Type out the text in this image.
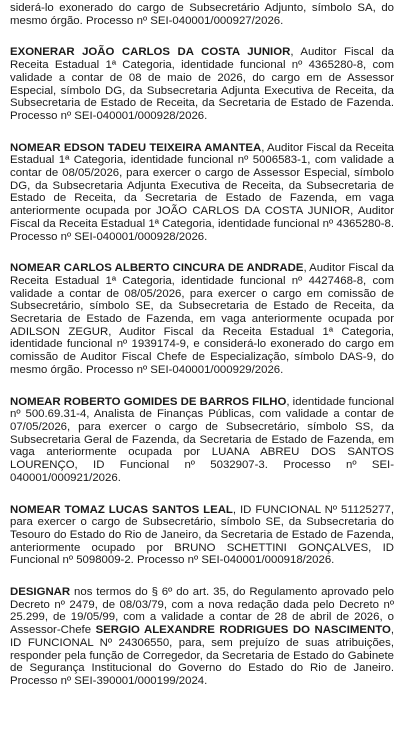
siderá-lo exonerado do cargo de Subsecretário Adjunto, símbolo SA, do mesmo órgão. Processo nº SEI-040001/000927/2026.

EXONERAR JOÃO CARLOS DA COSTA JUNIOR, Auditor Fiscal da Receita Estadual 1ª Categoria, identidade funcional nº 4365280-8, com validade a contar de 08 de maio de 2026, do cargo em de Assessor Especial, símbolo DG, da Subsecretaria Adjunta Executiva de Receita, da Subsecretaria de Estado de Receita, da Secretaria de Estado de Fazenda. Processo nº SEI-040001/000928/2026.

NOMEAR EDSON TADEU TEIXEIRA AMANTEA, Auditor Fiscal da Receita Estadual 1ª Categoria, identidade funcional nº 5006583-1, com validade a contar de 08/05/2026, para exercer o cargo de Assessor Especial, símbolo DG, da Subsecretaria Adjunta Executiva de Receita, da Subsecretaria de Estado de Receita, da Secretaria de Estado de Fazenda, em vaga anteriormente ocupada por JOÃO CARLOS DA COSTA JUNIOR, Auditor Fiscal da Receita Estadual 1ª Categoria, identidade funcional nº 4365280-8. Processo nº SEI-040001/000928/2026.

NOMEAR CARLOS ALBERTO CINCURA DE ANDRADE, Auditor Fiscal da Receita Estadual 1ª Categoria, identidade funcional nº 4427468-8, com validade a contar de 08/05/2026, para exercer o cargo em comissão de Subsecretário, símbolo SE, da Subsecretaria de Estado de Receita, da Secretaria de Estado de Fazenda, em vaga anteriormente ocupada por ADILSON ZEGUR, Auditor Fiscal da Receita Estadual 1ª Categoria, identidade funcional nº 1939174-9, e considerá-lo exonerado do cargo em comissão de Auditor Fiscal Chefe de Especialização, símbolo DAS-9, do mesmo órgão. Processo nº SEI-040001/000929/2026.

NOMEAR ROBERTO GOMIDES DE BARROS FILHO, identidade funcional nº 500.69.31-4, Analista de Finanças Públicas, com validade a contar de 07/05/2026, para exercer o cargo de Subsecretário, símbolo SS, da Subsecretaria Geral de Fazenda, da Secretaria de Estado de Fazenda, em vaga anteriormente ocupada por LUANA ABREU DOS SANTOS LOURENÇO, ID Funcional nº 5032907-3. Processo nº SEI-040001/000921/2026.

NOMEAR TOMAZ LUCAS SANTOS LEAL, ID FUNCIONAL Nº 51125277, para exercer o cargo de Subsecretário, símbolo SE, da Subsecretaria do Tesouro do Estado do Rio de Janeiro, da Secretaria de Estado de Fazenda, anteriormente ocupado por BRUNO SCHETTINI GONÇALVES, ID Funcional nº 5098009-2. Processo nº SEI-040001/000918/2026.

DESIGNAR nos termos do § 6º do art. 35, do Regulamento aprovado pelo Decreto nº 2479, de 08/03/79, com a nova redação dada pelo Decreto nº 25.299, de 19/05/99, com a validade a contar de 28 de abril de 2026, o Assessor-Chefe SERGIO ALEXANDRE RODRIGUES DO NASCIMENTO, ID FUNCIONAL Nº 24306550, para, sem prejuízo de suas atribuições, responder pela função de Corregedor, da Secretaria de Estado do Gabinete de Segurança Institucional do Governo do Estado do Rio de Janeiro. Processo nº SEI-390001/000199/2024.
